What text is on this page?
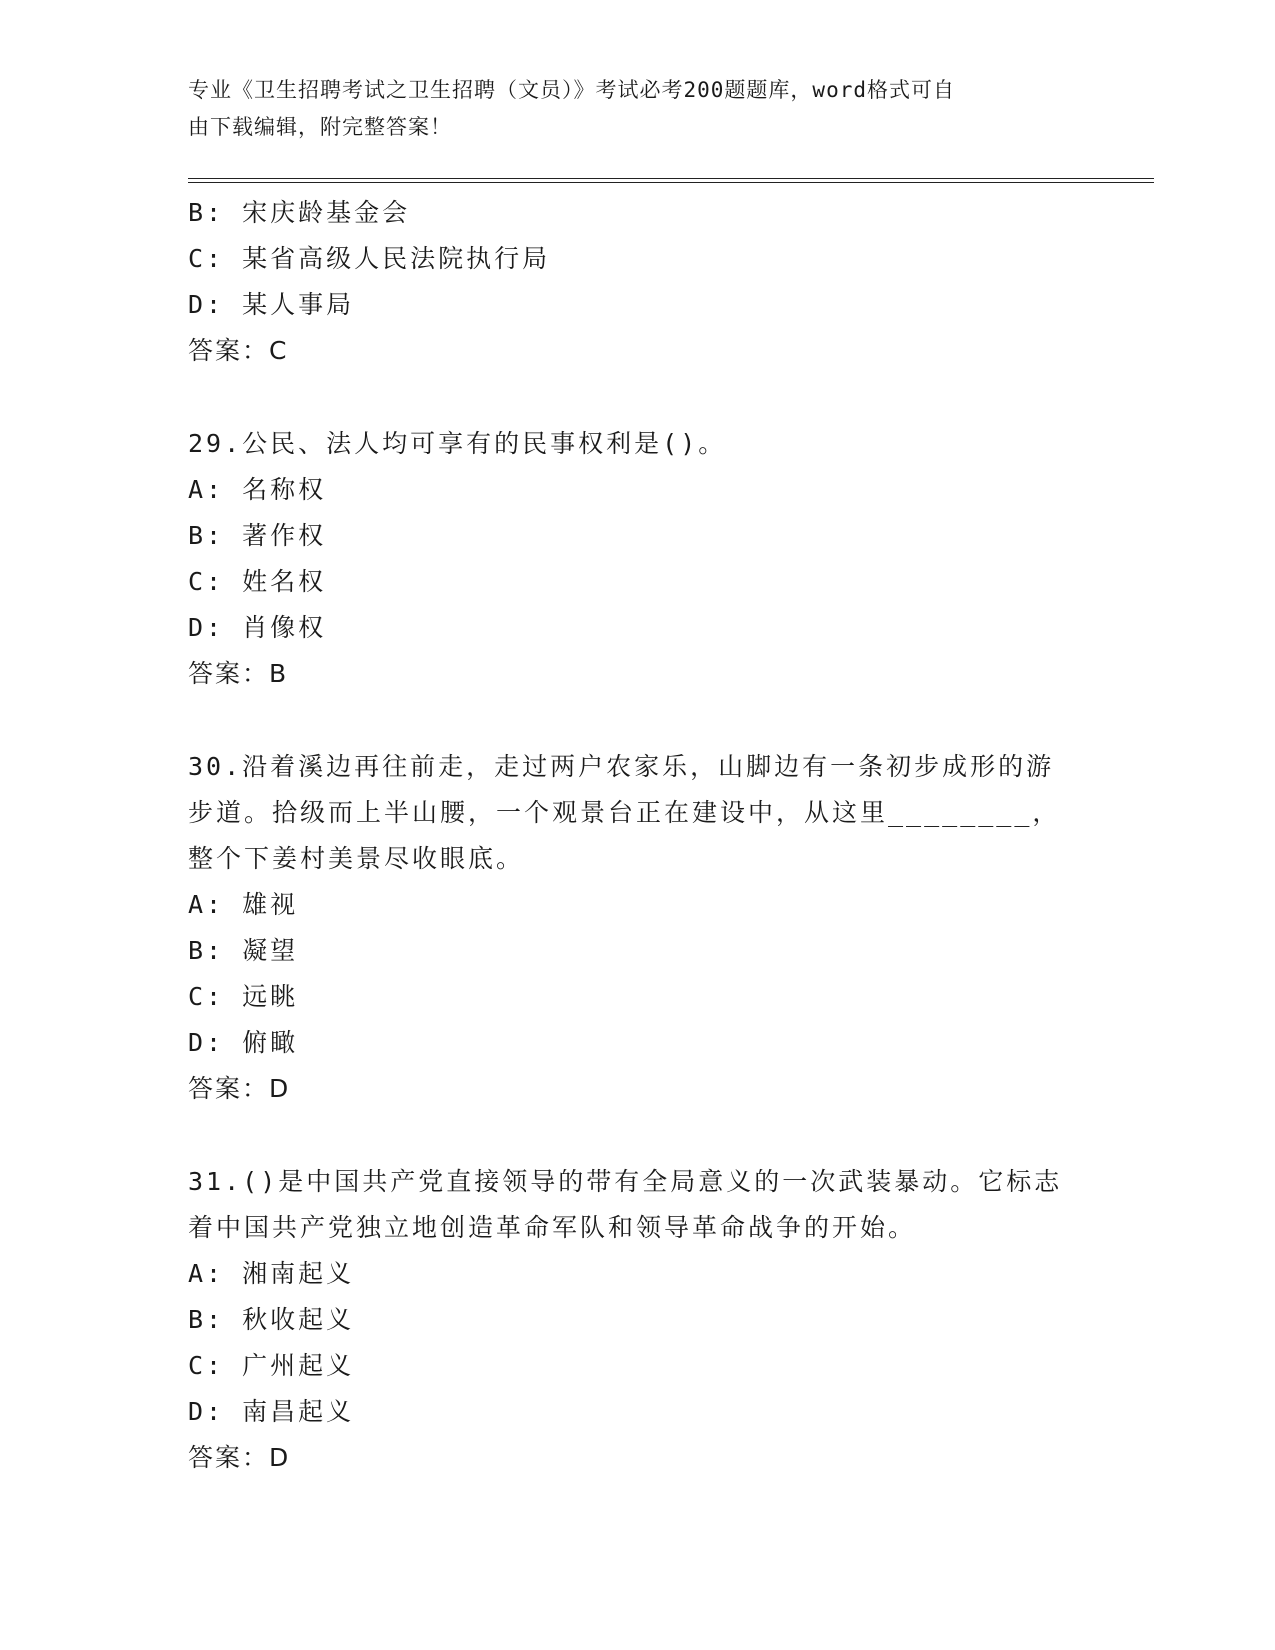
专业《卫生招聘考试之卫生招聘（文员）》考试必考200题题库，word格式可自
由下载编辑，附完整答案！
B: 宋庆龄基金会
C: 某省高级人民法院执行局
D: 某人事局
答案：C
29.公民、法人均可享有的民事权利是()。
A: 名称权
B: 著作权
C: 姓名权
D: 肖像权
答案：B
30.沿着溪边再往前走，走过两户农家乐，山脚边有一条初步成形的游
步道。拾级而上半山腰，一个观景台正在建设中，从这里________，
整个下姜村美景尽收眼底。
A: 雄视
B: 凝望
C: 远眺
D: 俯瞰
答案：D
31.()是中国共产党直接领导的带有全局意义的一次武装暴动。它标志
着中国共产党独立地创造革命军队和领导革命战争的开始。
A: 湘南起义
B: 秋收起义
C: 广州起义
D: 南昌起义
答案：D
